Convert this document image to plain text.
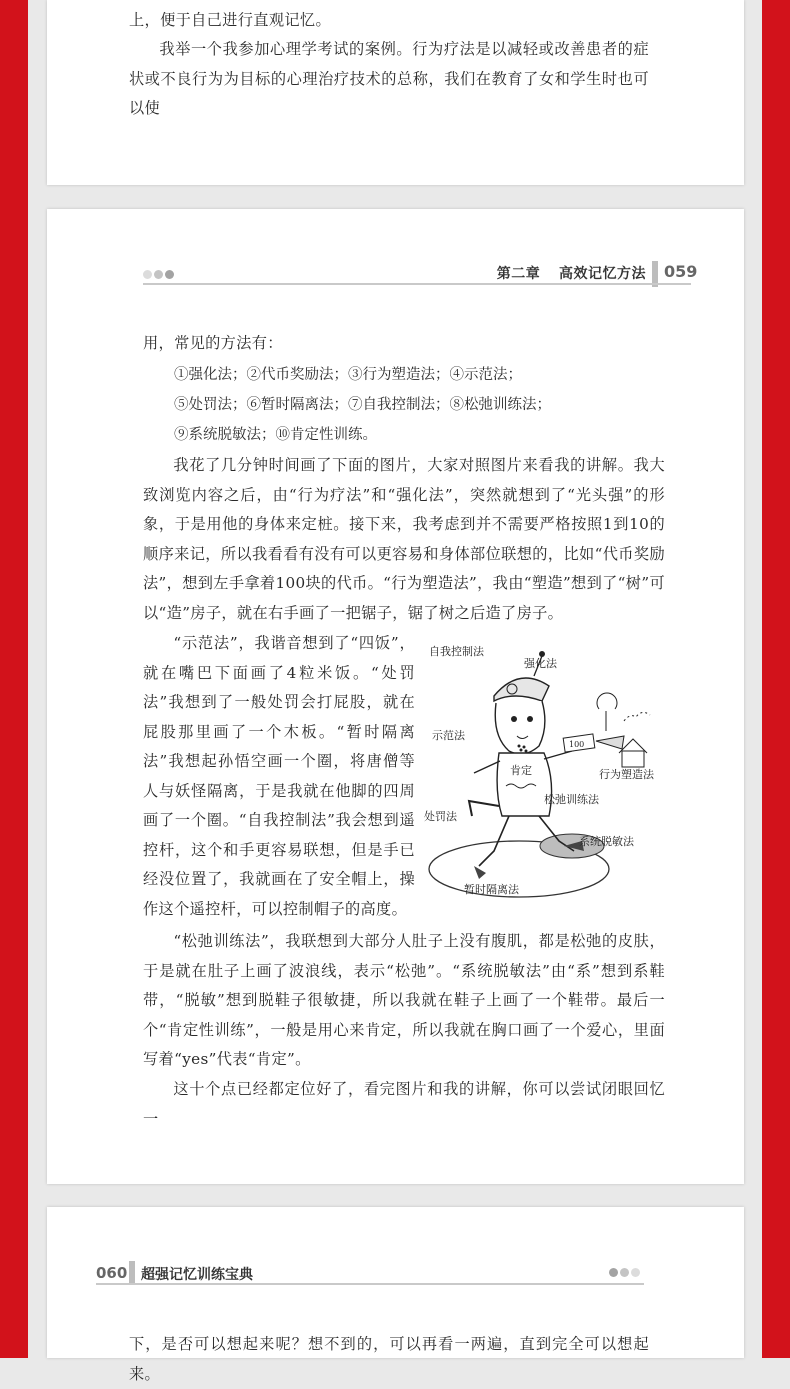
上，便于自己进行直观记忆。

我举一个我参加心理学考试的案例。行为疗法是以减轻或改善患者的症状或不良行为为目标的心理治疗技术的总称，我们在教育了女和学生时也可以使

第二章 高效记忆方法 059

用，常见的方法有：

①强化法；②代币奖励法；③行为塑造法；④示范法；
⑤处罚法；⑥暂时隔离法；⑦自我控制法；⑧松弛训练法；
⑨系统脱敏法；⑩肯定性训练。

我花了几分钟时间画了下面的图片，大家对照图片来看我的讲解。我大致浏览内容之后，由“行为疗法”和“强化法”，突然就想到了“光头强”的形象，于是用他的身体来定桩。接下来，我考虑到并不需要严格按照1到10的顺序来记，所以我看看有没有可以更容易和身体部位联想的，比如“代币奖励法”，想到左手拿着100块的代币。“行为塑造法”，我由“塑造”想到了“树”可以“造”房子，就在右手画了一把锯子，锯了树之后造了房子。

“示范法”，我谐音想到了“四饭”，就在嘴巴下面画了4粒米饭。“处罚法”我想到了一般处罚会打屁股，就在屁股那里画了一个木板。“暂时隔离法”我想起孙悟空画一个圈，将唐僧等人与妖怪隔离，于是我就在他脚的四周画了一个圈。“自我控制法”我会想到遥控杆，这个和手更容易联想，但是手已经没位置了，我就画在了安全帽上，操作这个遥控杆，可以控制帽子的高度。

自我控制法
强化法
示范法
行为塑造法
肯定
松弛训练法
处罚法
系统脱敏法
暂时隔离法
100

“松弛训练法”，我联想到大部分人肚子上没有腹肌，都是松弛的皮肤，于是就在肚子上画了波浪线，表示“松弛”。“系统脱敏法”由“系”想到系鞋带，“脱敏”想到脱鞋子很敏捷，所以我就在鞋子上画了一个鞋带。最后一个“肯定性训练”，一般是用心来肯定，所以我就在胸口画了一个爱心，里面写着“yes”代表“肯定”。

这十个点已经都定位好了，看完图片和我的讲解，你可以尝试闭眼回忆一

060 超强记忆训练宝典

下，是否可以想起来呢？想不到的，可以再看一两遍，直到完全可以想起来。
